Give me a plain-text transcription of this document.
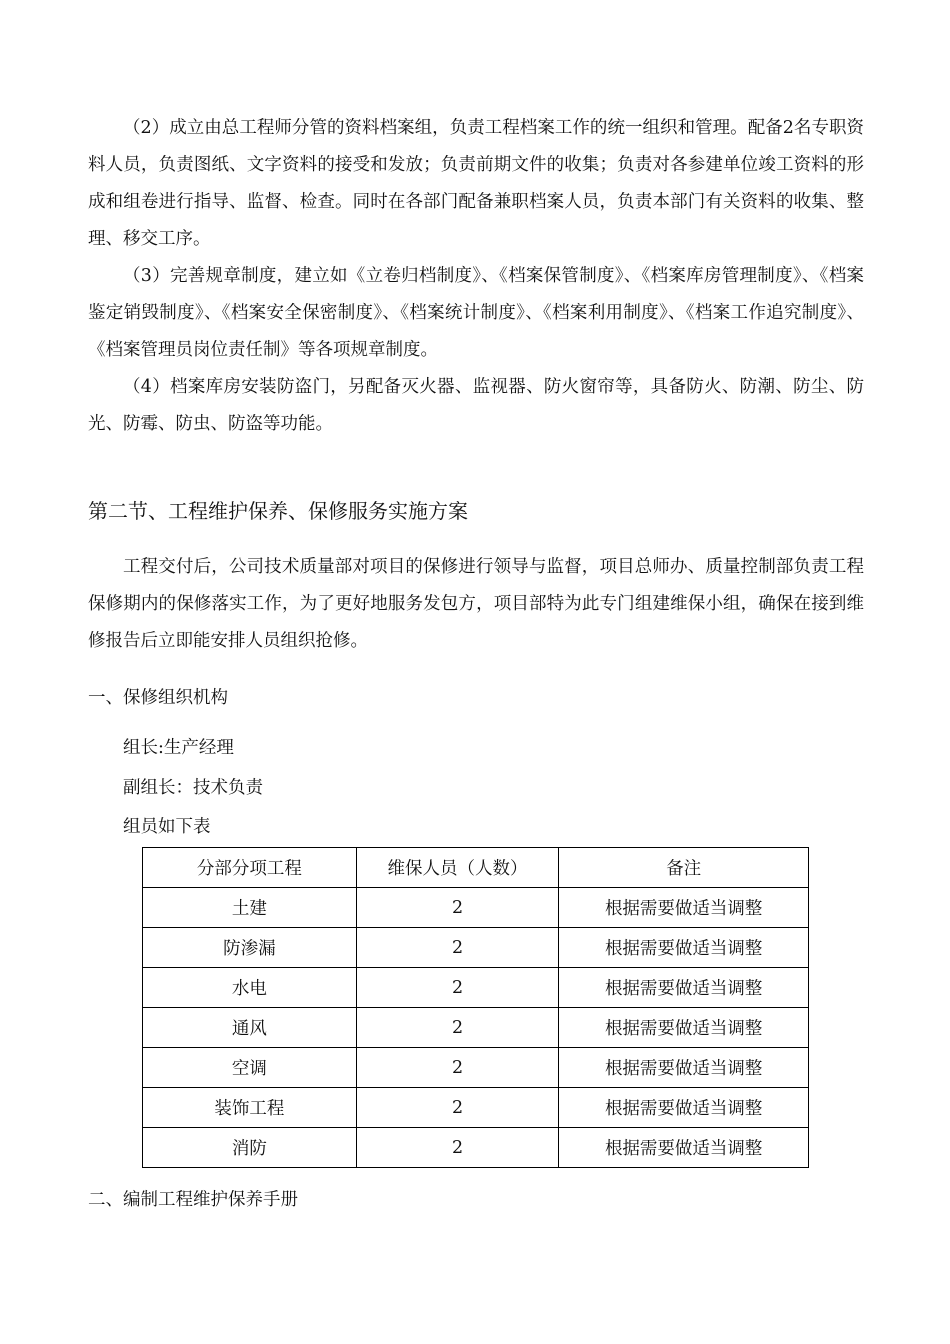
（2）成立由总工程师分管的资料档案组，负责工程档案工作的统一组织和管理。配备2名专职资料人员，负责图纸、文字资料的接受和发放；负责前期文件的收集；负责对各参建单位竣工资料的形成和组卷进行指导、监督、检查。同时在各部门配备兼职档案人员，负责本部门有关资料的收集、整理、移交工序。

（3）完善规章制度，建立如《立卷归档制度》、《档案保管制度》、《档案库房管理制度》、《档案鉴定销毁制度》、《档案安全保密制度》、《档案统计制度》、《档案利用制度》、《档案工作追究制度》、《档案管理员岗位责任制》等各项规章制度。

（4）档案库房安装防盗门，另配备灭火器、监视器、防火窗帘等，具备防火、防潮、防尘、防光、防霉、防虫、防盗等功能。

第二节、工程维护保养、保修服务实施方案

工程交付后，公司技术质量部对项目的保修进行领导与监督，项目总师办、质量控制部负责工程保修期内的保修落实工作，为了更好地服务发包方，项目部特为此专门组建维保小组，确保在接到维修报告后立即能安排人员组织抢修。

一、保修组织机构

组长:生产经理

副组长：技术负责

组员如下表

分部分项工程	维保人员（人数）	备注
土建	2	根据需要做适当调整
防渗漏	2	根据需要做适当调整
水电	2	根据需要做适当调整
通风	2	根据需要做适当调整
空调	2	根据需要做适当调整
装饰工程	2	根据需要做适当调整
消防	2	根据需要做适当调整
二、编制工程维护保养手册
